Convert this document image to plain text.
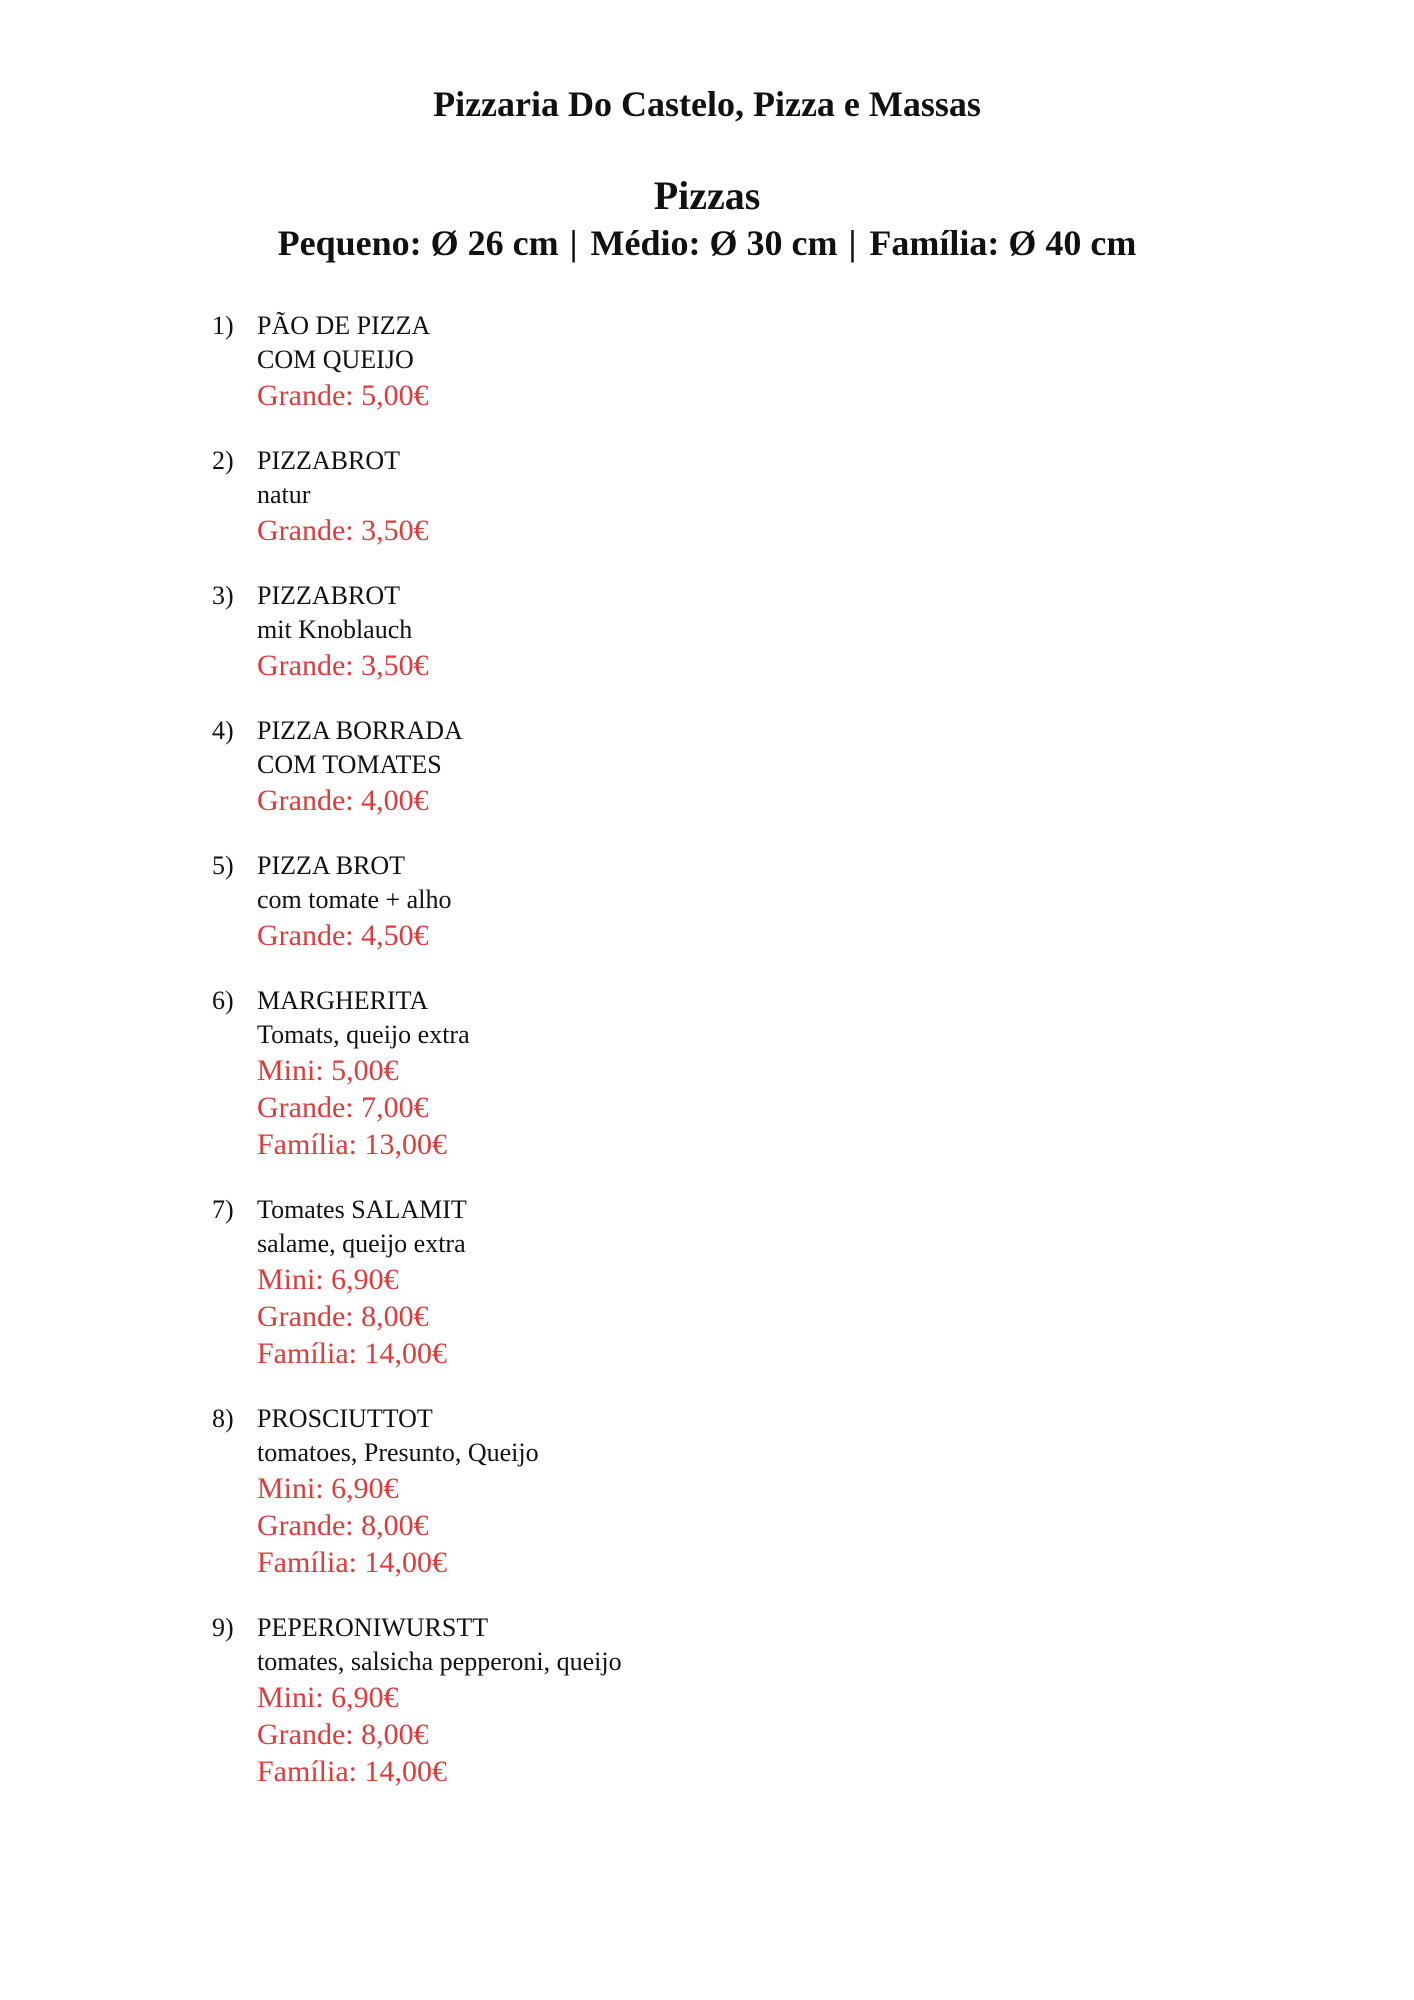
Pizzaria Do Castelo, Pizza e Massas
Pizzas
Pequeno: Ø 26 cm | Médio: Ø 30 cm | Família: Ø 40 cm
1) PÃO DE PIZZA
COM QUEIJO
Grande: 5,00€
2) PIZZABROT
natur
Grande: 3,50€
3) PIZZABROT
mit Knoblauch
Grande: 3,50€
4) PIZZA BORRADA
COM TOMATES
Grande: 4,00€
5) PIZZA BROT
com tomate + alho
Grande: 4,50€
6) MARGHERITA
Tomats, queijo extra
Mini: 5,00€
Grande: 7,00€
Família: 13,00€
7) Tomates SALAMIT
salame, queijo extra
Mini: 6,90€
Grande: 8,00€
Família: 14,00€
8) PROSCIUTTOT
tomatoes, Presunto, Queijo
Mini: 6,90€
Grande: 8,00€
Família: 14,00€
9) PEPERONIWURSTT
tomates, salsicha pepperoni, queijo
Mini: 6,90€
Grande: 8,00€
Família: 14,00€
